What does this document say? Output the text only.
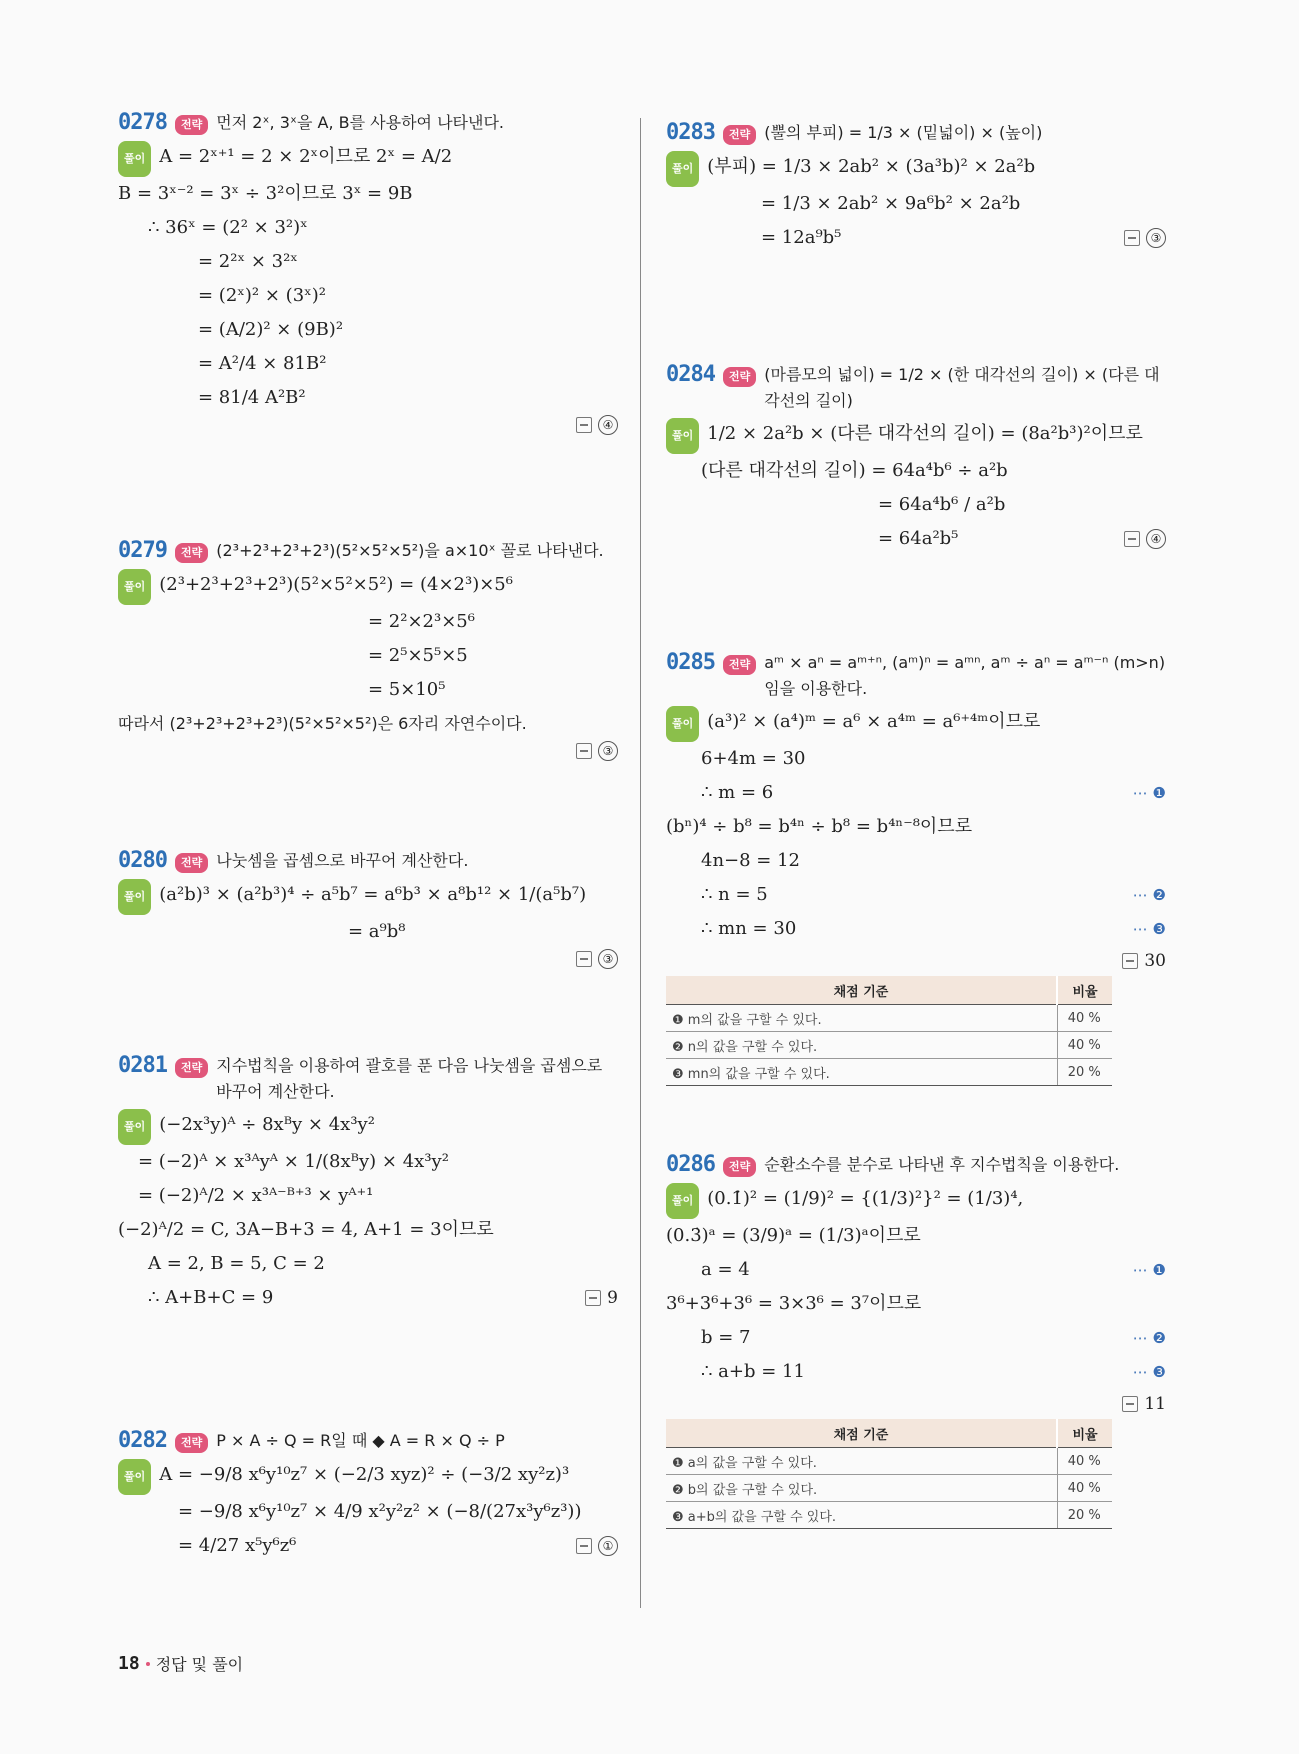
0278	전략 먼저 2ˣ, 3ˣ을 A, B를 사용하여 나타낸다.
풀이 A = 2ˣ⁺¹ = 2 × 2ˣ이므로 2ˣ = A/2
B = 3ˣ⁻² = 3ˣ ÷ 3²이므로 3ˣ = 9B
∴ 36ˣ = (2² × 3²)ˣ
= 2²ˣ × 3²ˣ
= (2ˣ)² × (3ˣ)²
= (A/2)² × (9B)²
= A²/4 × 81B²
= 81/4 A²B²
④
0279	전략 (2³+2³+2³+2³)(5²×5²×5²)을 a×10ˣ 꼴로 나타낸다.
풀이 (2³+2³+2³+2³)(5²×5²×5²) = (4×2³)×5⁶
= 2²×2³×5⁶
= 2⁵×5⁵×5
= 5×10⁵
따라서 (2³+2³+2³+2³)(5²×5²×5²)은 6자리 자연수이다.
③
0280	전략 나눗셈을 곱셈으로 바꾸어 계산한다.
풀이 (a²b)³ × (a²b³)⁴ ÷ a⁵b⁷ = a⁶b³ × a⁸b¹² × 1/(a⁵b⁷)
= a⁹b⁸
③
0281	전략 지수법칙을 이용하여 괄호를 푼 다음 나눗셈을 곱셈으로 바꾸어 계산한다.
풀이 (−2x³y)ᴬ ÷ 8xᴮy × 4x³y²
= (−2)ᴬ × x³ᴬyᴬ × 1/(8xᴮy) × 4x³y²
= (−2)ᴬ/2 × x³ᴬ⁻ᴮ⁺³ × yᴬ⁺¹
(−2)ᴬ/2 = C, 3A−B+3 = 4, A+1 = 3이므로
A = 2, B = 5, C = 2
∴ A+B+C = 9	9
0282	전략 P × A ÷ Q = R일 때 ◆ A = R × Q ÷ P
풀이 A = −9/8 x⁶y¹⁰z⁷ × (−2/3 xyz)² ÷ (−3/2 xy²z)³
= −9/8 x⁶y¹⁰z⁷ × 4/9 x²y²z² × (−8/(27x³y⁶z³))
= 4/27 x⁵y⁶z⁶	①
0283	전략 (뿔의 부피) = 1/3 × (밑넓이) × (높이)
풀이 (부피) = 1/3 × 2ab² × (3a³b)² × 2a²b
= 1/3 × 2ab² × 9a⁶b² × 2a²b
= 12a⁹b⁵	③
0284	전략 (마름모의 넓이) = 1/2 × (한 대각선의 길이) × (다른 대각선의 길이)
풀이 1/2 × 2a²b × (다른 대각선의 길이) = (8a²b³)²이므로
(다른 대각선의 길이) = 64a⁴b⁶ ÷ a²b
= 64a⁴b⁶ / a²b
= 64a²b⁵	④
0285	전략 aᵐ × aⁿ = aᵐ⁺ⁿ, (aᵐ)ⁿ = aᵐⁿ, aᵐ ÷ aⁿ = aᵐ⁻ⁿ (m>n)임을 이용한다.
풀이 (a³)² × (a⁴)ᵐ = a⁶ × a⁴ᵐ = a⁶⁺⁴ᵐ이므로
6+4m = 30
∴ m = 6	⋯ ❶
(bⁿ)⁴ ÷ b⁸ = b⁴ⁿ ÷ b⁸ = b⁴ⁿ⁻⁸이므로
4n−8 = 12
∴ n = 5	⋯ ❷
∴ mn = 30	⋯ ❸
30
채점 기준	비율
❶ m의 값을 구할 수 있다.	40 %
❷ n의 값을 구할 수 있다.	40 %
❸ mn의 값을 구할 수 있다.	20 %
0286	전략 순환소수를 분수로 나타낸 후 지수법칙을 이용한다.
풀이 (0.1̇)² = (1/9)² = {(1/3)²}² = (1/3)⁴,
(0.3̇)ᵃ = (3/9)ᵃ = (1/3)ᵃ이므로
a = 4	⋯ ❶
3⁶+3⁶+3⁶ = 3×3⁶ = 3⁷이므로
b = 7	⋯ ❷
∴ a+b = 11	⋯ ❸
11
채점 기준	비율
❶ a의 값을 구할 수 있다.	40 %
❷ b의 값을 구할 수 있다.	40 %
❸ a+b의 값을 구할 수 있다.	20 %
18 정답 및 풀이
